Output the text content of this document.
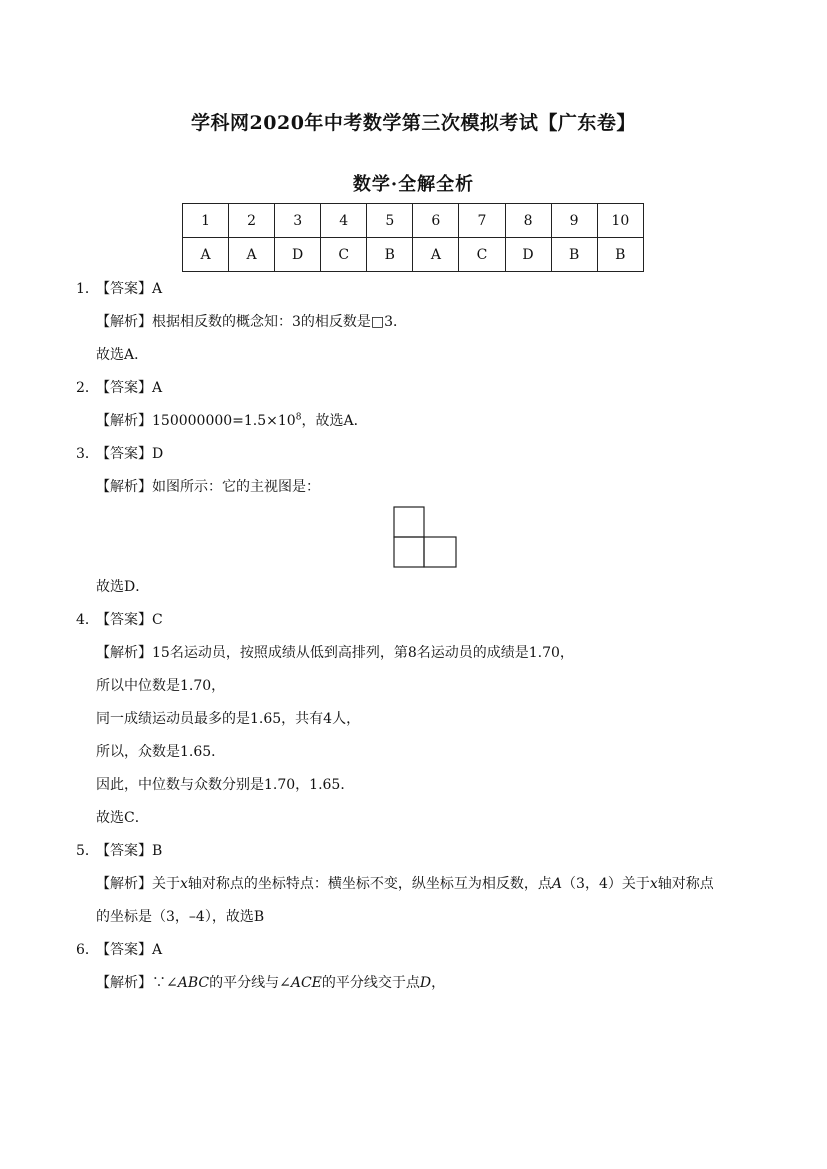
学科网2020年中考数学第三次模拟考试【广东卷】
数学·全解全析
1	2	3	4	5	6	7	8	9	10
A	A	D	C	B	A	C	D	B	B
1．
【答案】A
【解析】根据相反数的概念知：3的相反数是□3．
故选A．
2．
【答案】A
【解析】$150000000=1.5\times 10^8$，故选A．
3．
【答案】D
【解析】如图所示：它的主视图是：
故选D．
4．
【答案】C
【解析】15名运动员，按照成绩从低到高排列，第8名运动员的成绩是1.70，
所以中位数是1.70，
同一成绩运动员最多的是1.65，共有4人，
所以，众数是1.65．
因此，中位数与众数分别是1.70，1.65．
故选C．
5．
【答案】B
【解析】关于x轴对称点的坐标特点：横坐标不变，纵坐标互为相反数，点A（3，4）关于x轴对称点
的坐标是（3，–4），故选B
6．
【答案】A
【解析】∵∠ABC的平分线与∠ACE的平分线交于点D，
